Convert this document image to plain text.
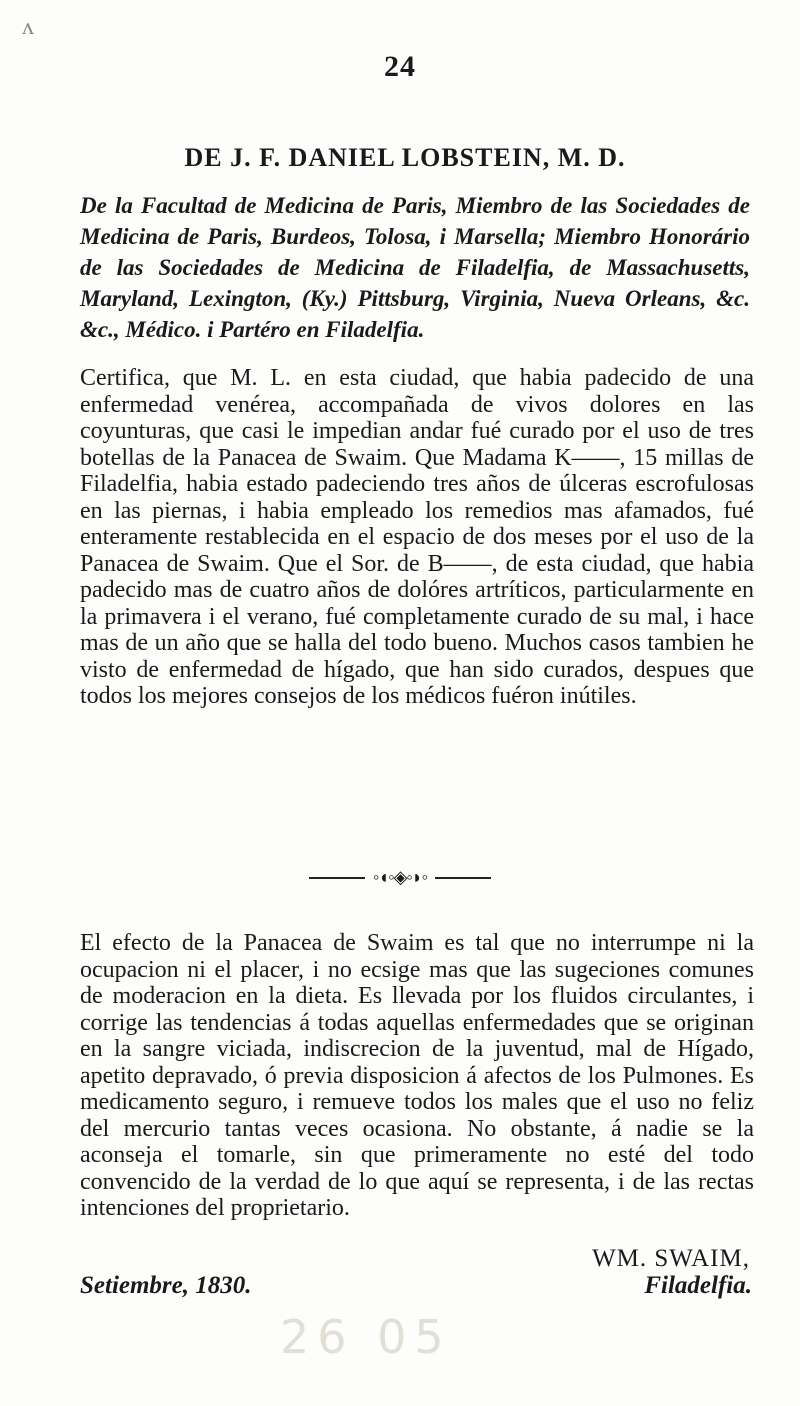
ʌ
24
DE J. F. DANIEL LOBSTEIN, M. D.
De la Facultad de Medicina de Paris, Miembro de las Sociedades de Medicina de Paris, Burdeos, Tolosa, i Marsella; Miembro Honorário de las Sociedades de Medicina de Filadelfia, de Massachusetts, Maryland, Lexington, (Ky.) Pittsburg, Virginia, Nueva Orleans, &c. &c., Médico. i Partéro en Filadelfia.
Certifica, que M. L. en esta ciudad, que habia padecido de una enfermedad venérea, accompañada de vivos dolores en las coyunturas, que casi le impedian andar fué curado por el uso de tres botellas de la Panacea de Swaim. Que Madama K——, 15 millas de Filadelfia, habia estado padeciendo tres años de úlceras escrofulosas en las piernas, i habia empleado los remedios mas afamados, fué enteramente restablecida en el espacio de dos meses por el uso de la Panacea de Swaim. Que el Sor. de B——, de esta ciudad, que habia padecido mas de cuatro años de dolóres artríticos, particularmente en la primavera i el verano, fué completamente curado de su mal, i hace mas de un año que se halla del todo bueno. Muchos casos tambien he visto de enfermedad de hígado, que han sido curados, despues que todos los mejores consejos de los médicos fuéron inútiles.
◦◖◦◈◦◗◦
El efecto de la Panacea de Swaim es tal que no interrumpe ni la ocupacion ni el placer, i no ecsige mas que las sugeciones comunes de moderacion en la dieta. Es llevada por los fluidos circulantes, i corrige las tendencias á todas aquellas enfermedades que se originan en la sangre viciada, indiscrecion de la juventud, mal de Hígado, apetito depravado, ó previa disposicion á afectos de los Pulmones. Es medicamento seguro, i remueve todos los males que el uso no feliz del mercurio tantas veces ocasiona. No obstante, á nadie se la aconseja el tomarle, sin que primeramente no esté del todo convencido de la verdad de lo que aquí se representa, i de las rectas intenciones del proprietario.
Setiembre, 1830.
WM. SWAIM,
Filadelfia.
26 05
